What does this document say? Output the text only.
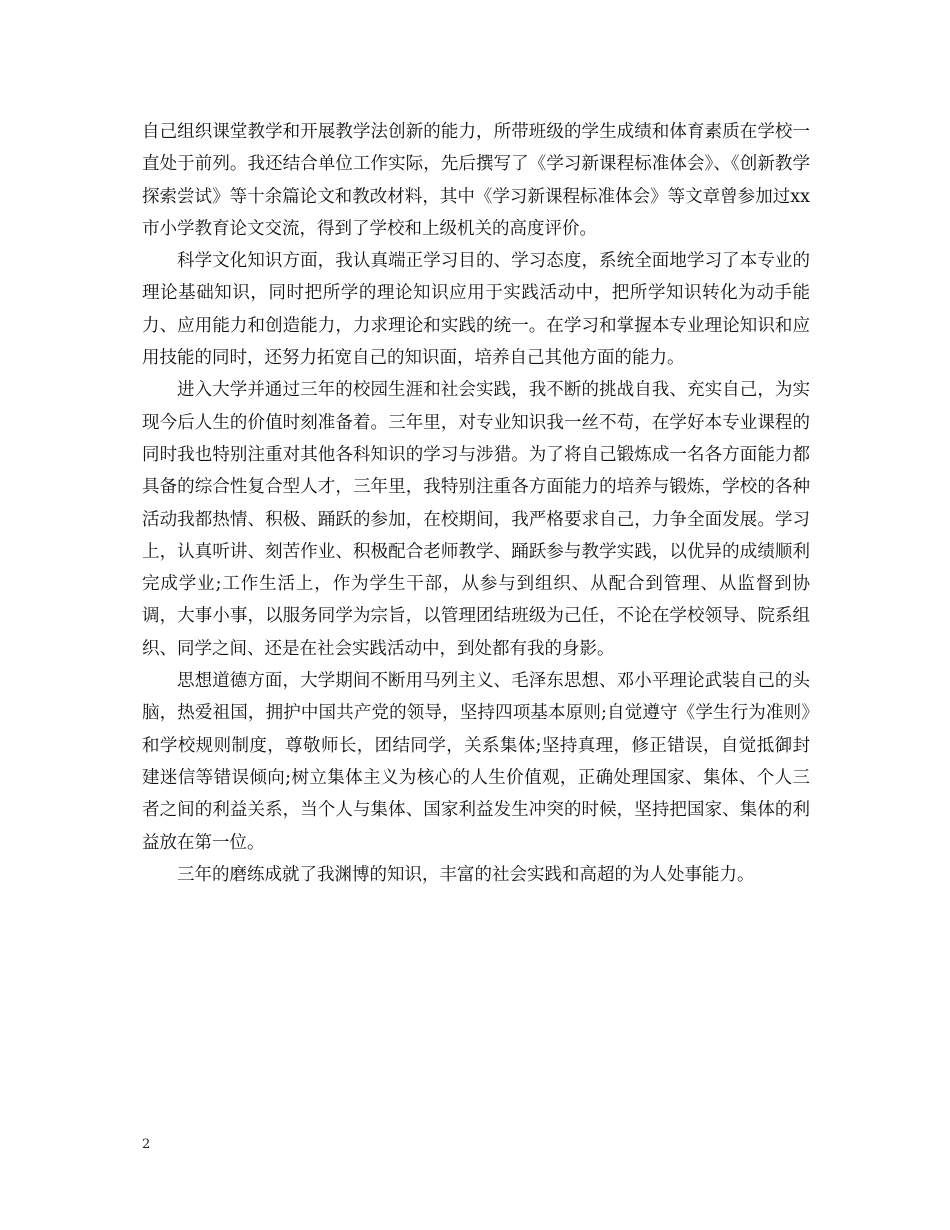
自己组织课堂教学和开展教学法创新的能力，所带班级的学生成绩和体育素质在学校一直处于前列。我还结合单位工作实际，先后撰写了《学习新课程标准体会》、《创新教学探索尝试》等十余篇论文和教改材料，其中《学习新课程标准体会》等文章曾参加过xx市小学教育论文交流，得到了学校和上级机关的高度评价。

科学文化知识方面，我认真端正学习目的、学习态度，系统全面地学习了本专业的理论基础知识，同时把所学的理论知识应用于实践活动中，把所学知识转化为动手能力、应用能力和创造能力，力求理论和实践的统一。在学习和掌握本专业理论知识和应用技能的同时，还努力拓宽自己的知识面，培养自己其他方面的能力。

进入大学并通过三年的校园生涯和社会实践，我不断的挑战自我、充实自己，为实现今后人生的价值时刻准备着。三年里，对专业知识我一丝不苟，在学好本专业课程的同时我也特别注重对其他各科知识的学习与涉猎。为了将自己锻炼成一名各方面能力都具备的综合性复合型人才，三年里，我特别注重各方面能力的培养与锻炼，学校的各种活动我都热情、积极、踊跃的参加，在校期间，我严格要求自己，力争全面发展。学习上，认真听讲、刻苦作业、积极配合老师教学、踊跃参与教学实践，以优异的成绩顺利完成学业;工作生活上，作为学生干部，从参与到组织、从配合到管理、从监督到协调，大事小事，以服务同学为宗旨，以管理团结班级为己任，不论在学校领导、院系组织、同学之间、还是在社会实践活动中，到处都有我的身影。

思想道德方面，大学期间不断用马列主义、毛泽东思想、邓小平理论武装自己的头脑，热爱祖国，拥护中国共产党的领导，坚持四项基本原则;自觉遵守《学生行为准则》和学校规则制度，尊敬师长，团结同学，关系集体;坚持真理，修正错误，自觉抵御封建迷信等错误倾向;树立集体主义为核心的人生价值观，正确处理国家、集体、个人三者之间的利益关系，当个人与集体、国家利益发生冲突的时候，坚持把国家、集体的利益放在第一位。

三年的磨练成就了我渊博的知识，丰富的社会实践和高超的为人处事能力。

2
